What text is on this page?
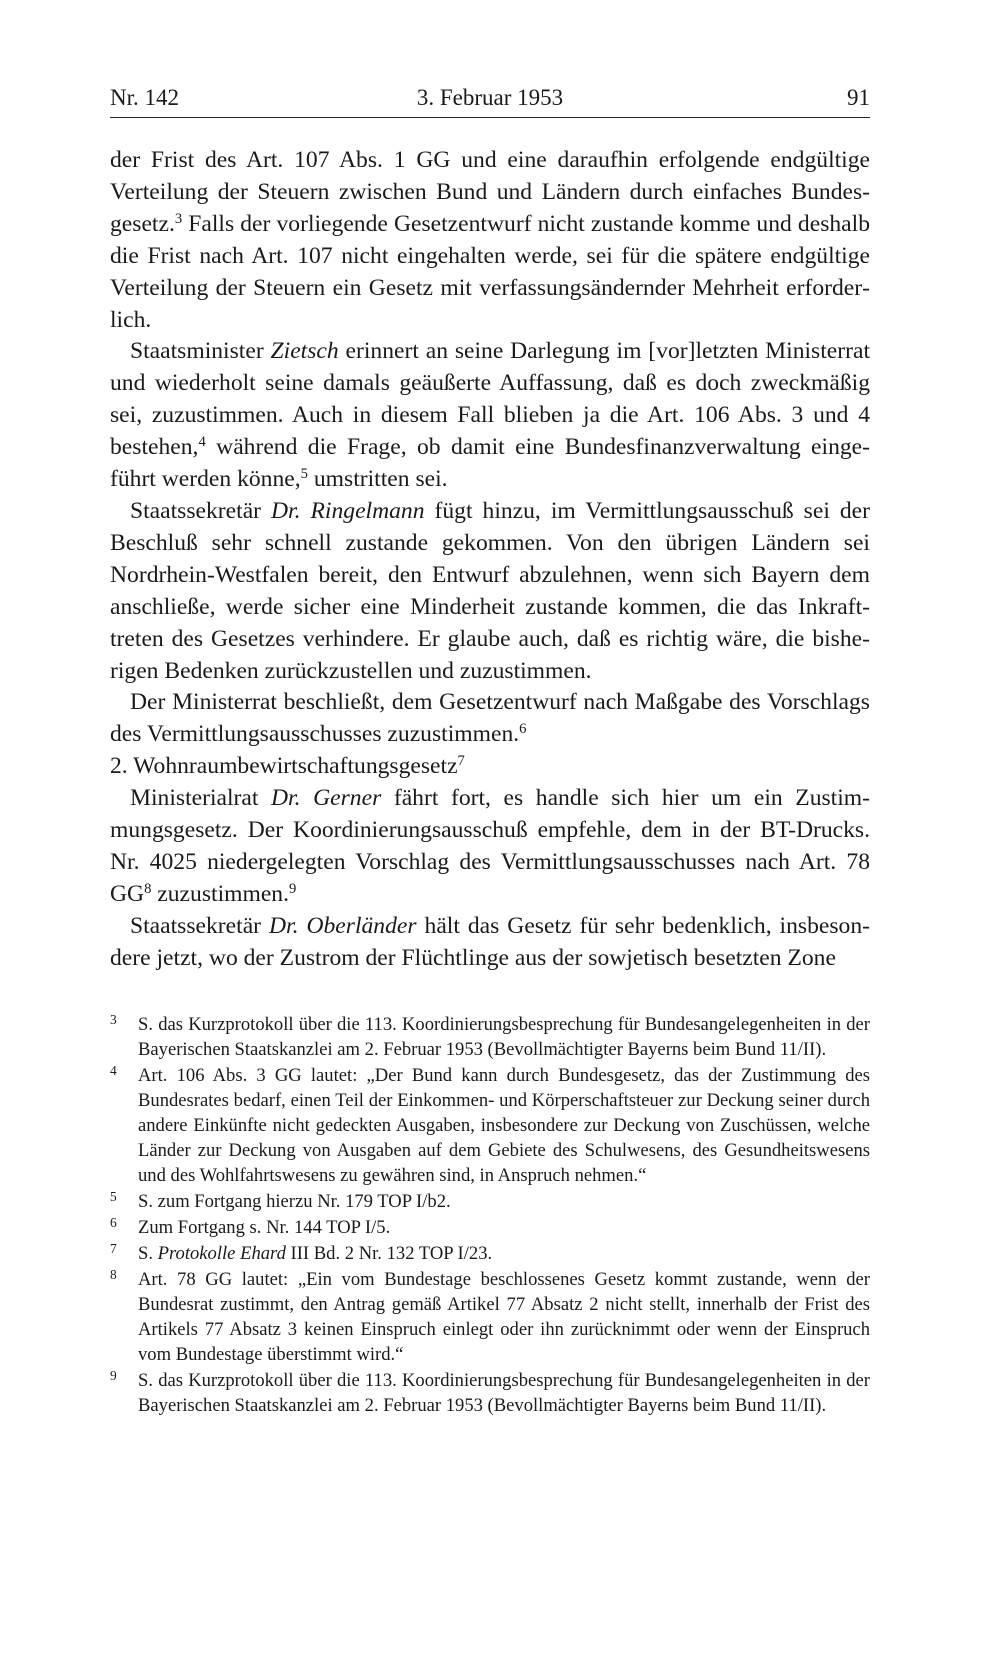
Nr. 142	3. Februar 1953	91

der Frist des Art. 107 Abs. 1 GG und eine daraufhin erfolgende endgültige Verteilung der Steuern zwischen Bund und Ländern durch einfaches Bundesgesetz.$^3$ Falls der vorliegende Gesetzentwurf nicht zustande komme und deshalb die Frist nach Art. 107 nicht eingehalten werde, sei für die spätere endgültige Verteilung der Steuern ein Gesetz mit verfassungsändernder Mehrheit erforderlich.

Staatsminister Zietsch erinnert an seine Darlegung im [vor]letzten Ministerrat und wiederholt seine damals geäußerte Auffassung, daß es doch zweckmäßig sei, zuzustimmen. Auch in diesem Fall blieben ja die Art. 106 Abs. 3 und 4 bestehen,$^4$ während die Frage, ob damit eine Bundesfinanzverwaltung eingeführt werden könne,$^5$ umstritten sei.

Staatssekretär Dr. Ringelmann fügt hinzu, im Vermittlungsausschuß sei der Beschluß sehr schnell zustande gekommen. Von den übrigen Ländern sei Nordrhein-Westfalen bereit, den Entwurf abzulehnen, wenn sich Bayern dem anschließe, werde sicher eine Minderheit zustande kommen, die das Inkrafttreten des Gesetzes verhindere. Er glaube auch, daß es richtig wäre, die bisherigen Bedenken zurückzustellen und zuzustimmen.

Der Ministerrat beschließt, dem Gesetzentwurf nach Maßgabe des Vorschlags des Vermittlungsausschusses zuzustimmen.$^6$

2. Wohnraumbewirtschaftungsgesetz$^7$

Ministerialrat Dr. Gerner fährt fort, es handle sich hier um ein Zustimmungsgesetz. Der Koordinierungsausschuß empfehle, dem in der BT-Drucks. Nr. 4025 niedergelegten Vorschlag des Vermittlungsausschusses nach Art. 78 $GG^8$ zuzustimmen.$^9$

Staatssekretär Dr. Oberländer hält das Gesetz für sehr bedenklich, insbesondere jetzt, wo der Zustrom der Flüchtlinge aus der sowjetisch besetzten Zone

3 S. das Kurzprotokoll über die 113. Koordinierungsbesprechung für Bundesangelegenheiten in der Bayerischen Staatskanzlei am 2. Februar 1953 (Bevollmächtigter Bayerns beim Bund 11/II).
4 Art. 106 Abs. 3 GG lautet: „Der Bund kann durch Bundesgesetz, das der Zustimmung des Bundesrates bedarf, einen Teil der Einkommen- und Körperschaftsteuer zur Deckung seiner durch andere Einkünfte nicht gedeckten Ausgaben, insbesondere zur Deckung von Zuschüssen, welche Länder zur Deckung von Ausgaben auf dem Gebiete des Schulwesens, des Gesundheitswesens und des Wohlfahrtswesens zu gewähren sind, in Anspruch nehmen.“
5 S. zum Fortgang hierzu Nr. 179 TOP I/b2.
6 Zum Fortgang s. Nr. 144 TOP I/5.
7 S. Protokolle Ehard III Bd. 2 Nr. 132 TOP I/23.
8 Art. 78 GG lautet: „Ein vom Bundestage beschlossenes Gesetz kommt zustande, wenn der Bundesrat zustimmt, den Antrag gemäß Artikel 77 Absatz 2 nicht stellt, innerhalb der Frist des Artikels 77 Absatz 3 keinen Einspruch einlegt oder ihn zurücknimmt oder wenn der Einspruch vom Bundestage überstimmt wird.“
9 S. das Kurzprotokoll über die 113. Koordinierungsbesprechung für Bundesangelegenheiten in der Bayerischen Staatskanzlei am 2. Februar 1953 (Bevollmächtigter Bayerns beim Bund 11/II).
